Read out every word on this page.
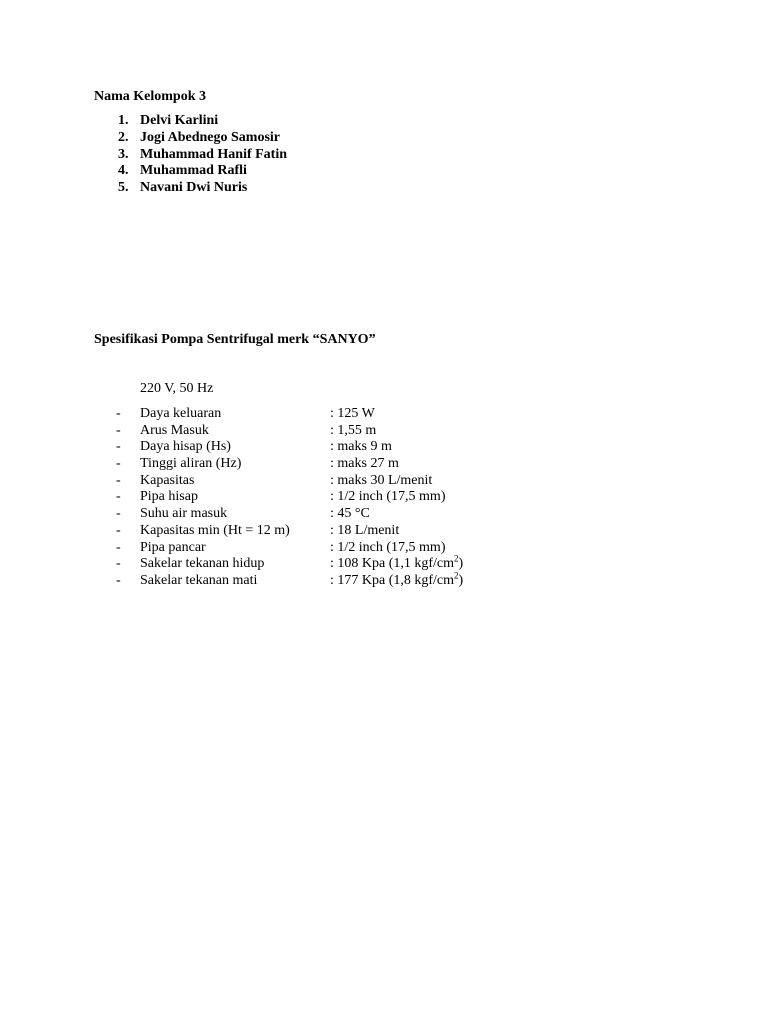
Nama Kelompok 3
1. Delvi Karlini
2. Jogi Abednego Samosir
3. Muhammad Hanif Fatin
4. Muhammad Rafli
5. Navani Dwi Nuris
Spesifikasi Pompa Sentrifugal merk “SANYO”
220 V, 50 Hz
- Daya keluaran	: 125 W
- Arus Masuk	: 1,55 m
- Daya hisap (Hs)	: maks 9 m
- Tinggi aliran (Hz)	: maks 27 m
- Kapasitas	: maks 30 L/menit
- Pipa hisap	: 1/2 inch (17,5 mm)
- Suhu air masuk	: 45 °C
- Kapasitas min (Ht = 12 m)	: 18 L/menit
- Pipa pancar	: 1/2 inch (17,5 mm)
- Sakelar tekanan hidup	: 108 Kpa (1,1 kgf/$cm^2$)
- Sakelar tekanan mati	: 177 Kpa (1,8 kgf/$cm^2$)
